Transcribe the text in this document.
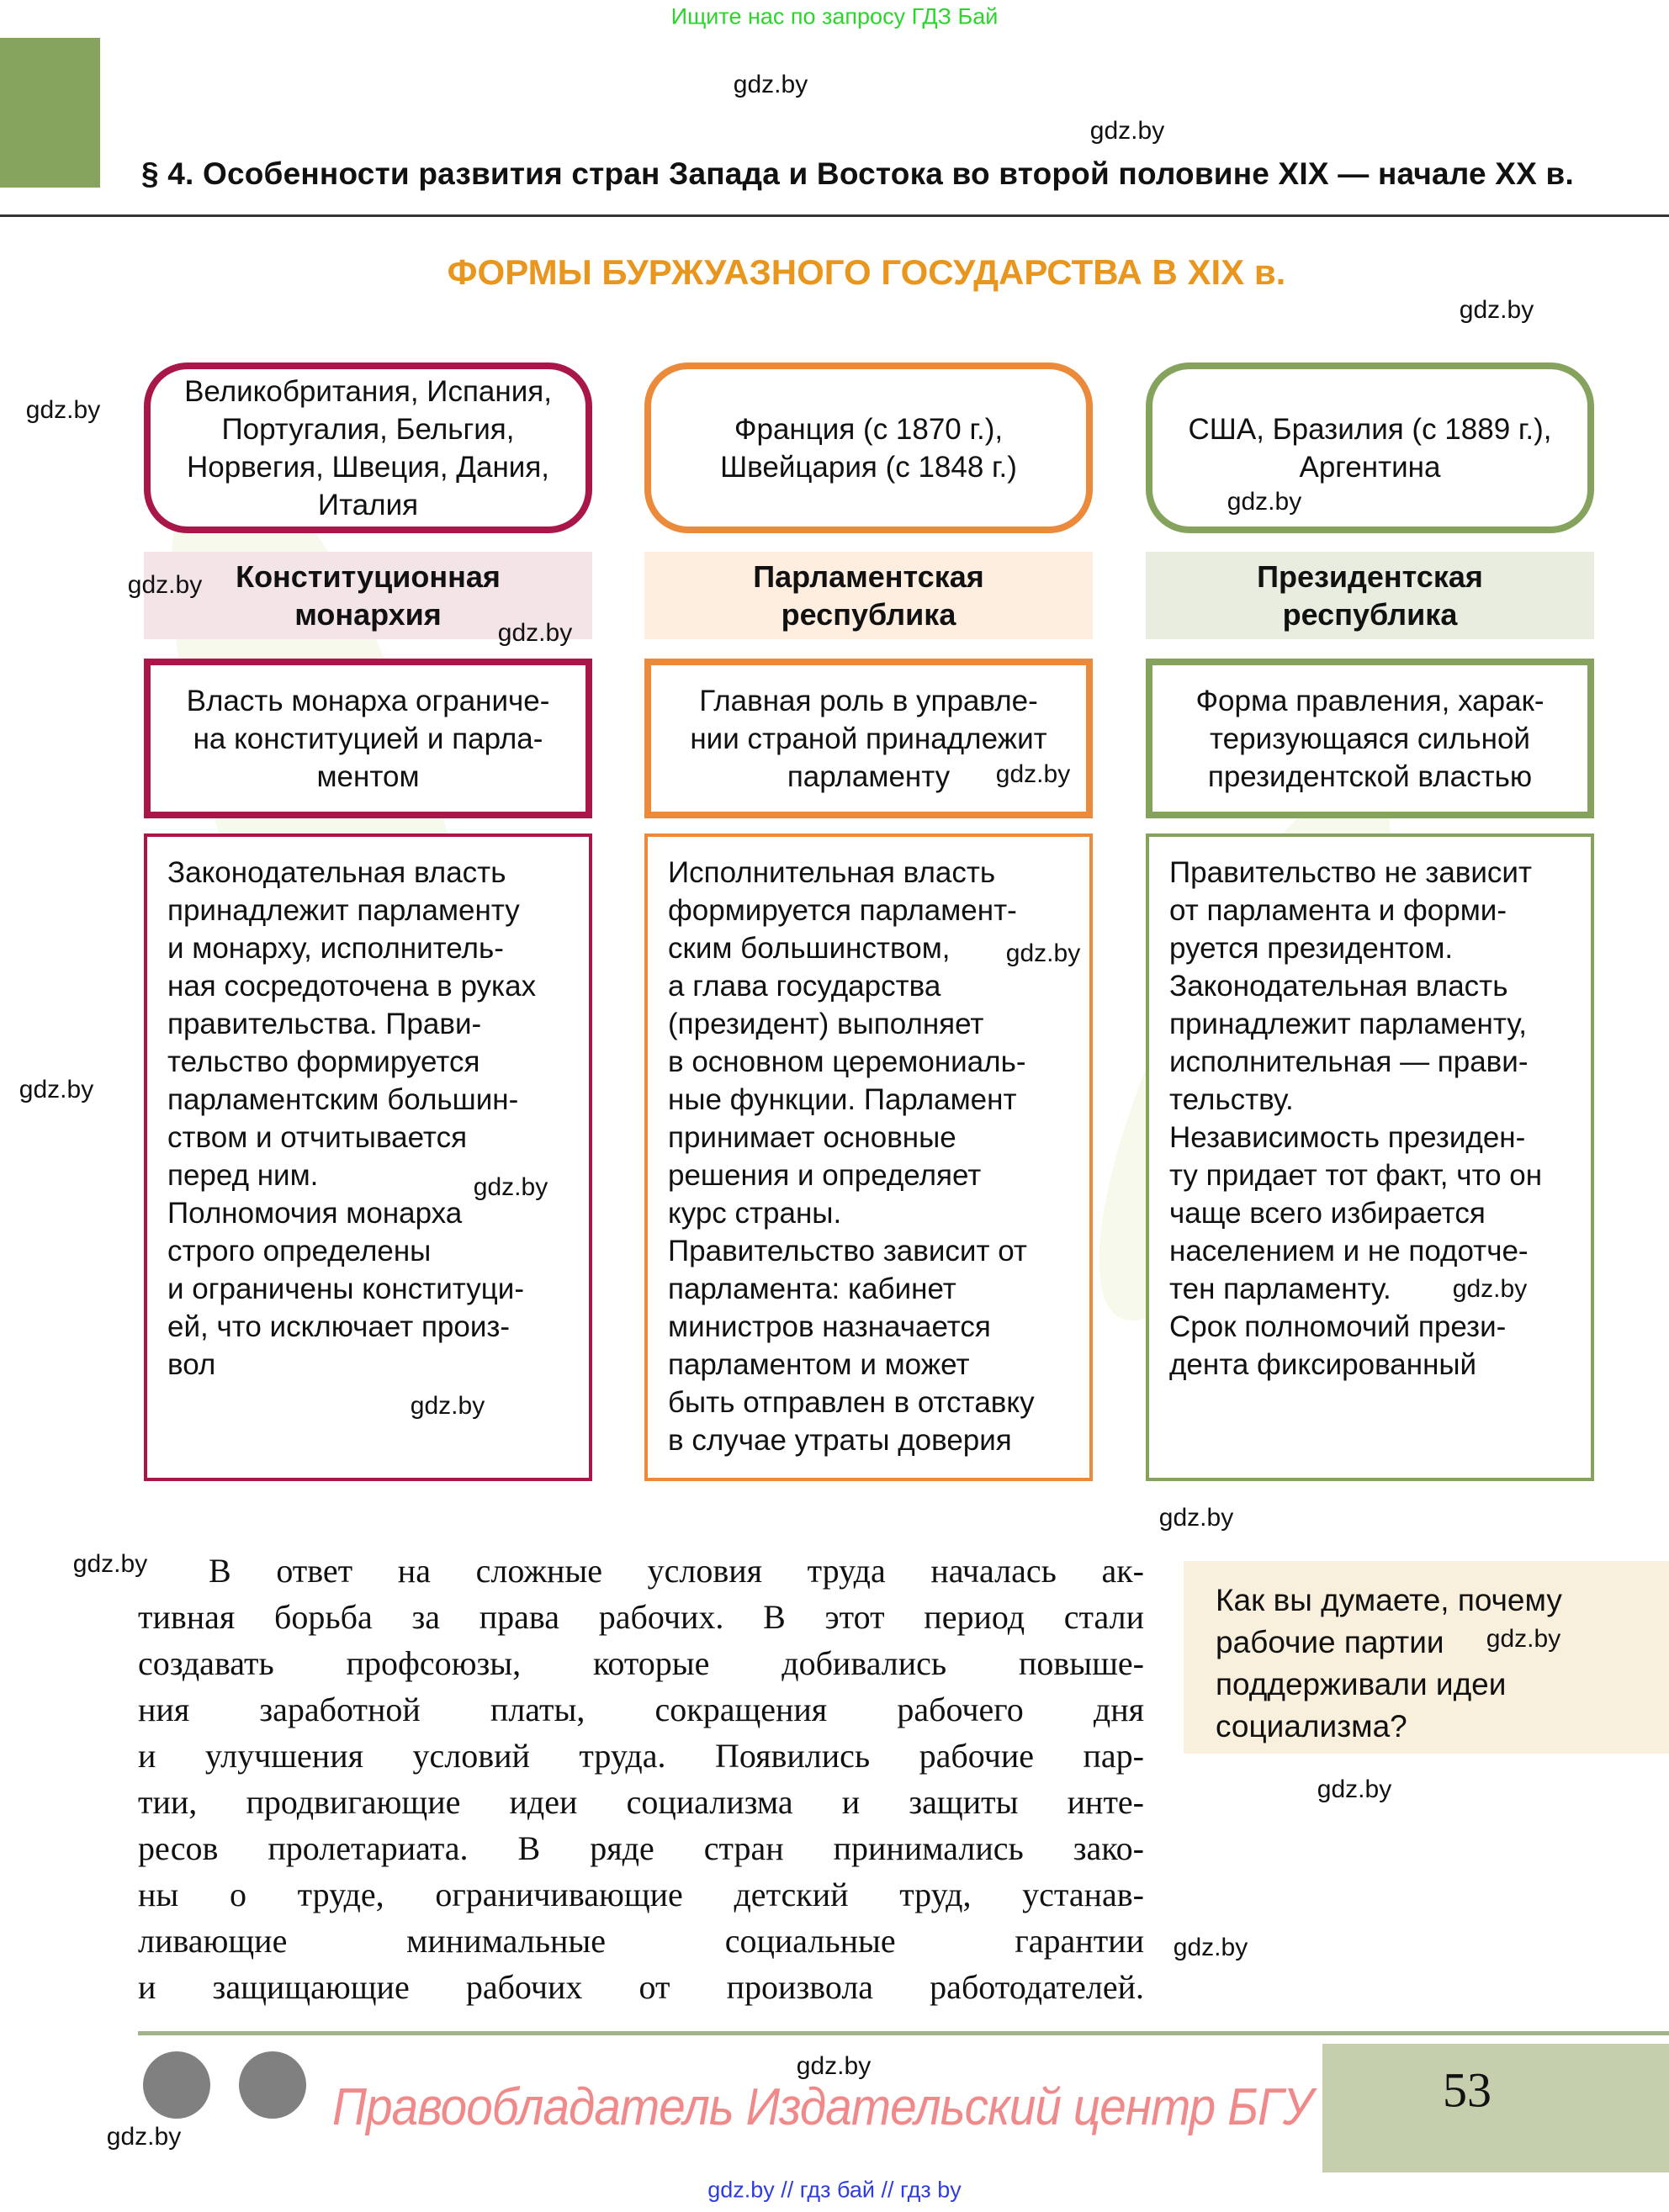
Ищите нас по запросу ГДЗ Бай
§ 4. Особенности развития стран Запада и Востока во второй половине XIX — начале XX в.
ФОРМЫ БУРЖУАЗНОГО ГОСУДАРСТВА В XIX в.
Великобритания, Испания,
Португалия, Бельгия,
Норвегия, Швеция, Дания,
Италия
Конституционная
монархия
Власть монарха ограниче-
на конституцией и парла-
ментом
Законодательная власть
принадлежит парламенту
и монарху, исполнитель-
ная сосредоточена в руках
правительства. Прави-
тельство формируется
парламентским большин-
ством и отчитывается
перед ним.
Полномочия монарха
строго определены
и ограничены конституци-
ей, что исключает произ-
вол
Франция (с 1870 г.),
Швейцария (с 1848 г.)
Парламентская
республика
Главная роль в управле-
нии страной принадлежит
парламенту
Исполнительная власть
формируется парламент-
ским большинством,
а глава государства
(президент) выполняет
в основном церемониаль-
ные функции. Парламент
принимает основные
решения и определяет
курс страны.
Правительство зависит от
парламента: кабинет
министров назначается
парламентом и может
быть отправлен в отставку
в случае утраты доверия
США, Бразилия (с 1889 г.),
Аргентина
Президентская
республика
Форма правления, харак-
теризующаяся сильной
президентской властью
Правительство не зависит
от парламента и форми-
руется президентом.
Законодательная власть
принадлежит парламенту,
исполнительная — прави-
тельству.
Независимость президен-
ту придает тот факт, что он
чаще всего избирается
населением и не подотче-
тен парламенту.
Срок полномочий прези-
дента фиксированный
В ответ на сложные условия труда началась ак-
тивная борьба за права рабочих. В этот период стали
создавать профсоюзы, которые добивались повыше-
ния заработной платы, сокращения рабочего дня
и улучшения условий труда. Появились рабочие пар-
тии, продвигающие идеи социализма и защиты инте-
ресов пролетариата. В ряде стран принимались зако-
ны о труде, ограничивающие детский труд, устанав-
ливающие минимальные социальные гарантии
и защищающие рабочих от произвола работодателей.
Как вы думаете, почему
рабочие партии
поддерживали идеи
социализма?
53
Правообладатель Издательский центр БГУ
gdz.by // гдз бай // гдз by
gdz.by
gdz.by
gdz.by
gdz.by
gdz.by
gdz.by
gdz.by
gdz.by
gdz.by
gdz.by
gdz.by
gdz.by
gdz.by
gdz.by
gdz.by
gdz.by
gdz.by
gdz.by
gdz.by
gdz.by
